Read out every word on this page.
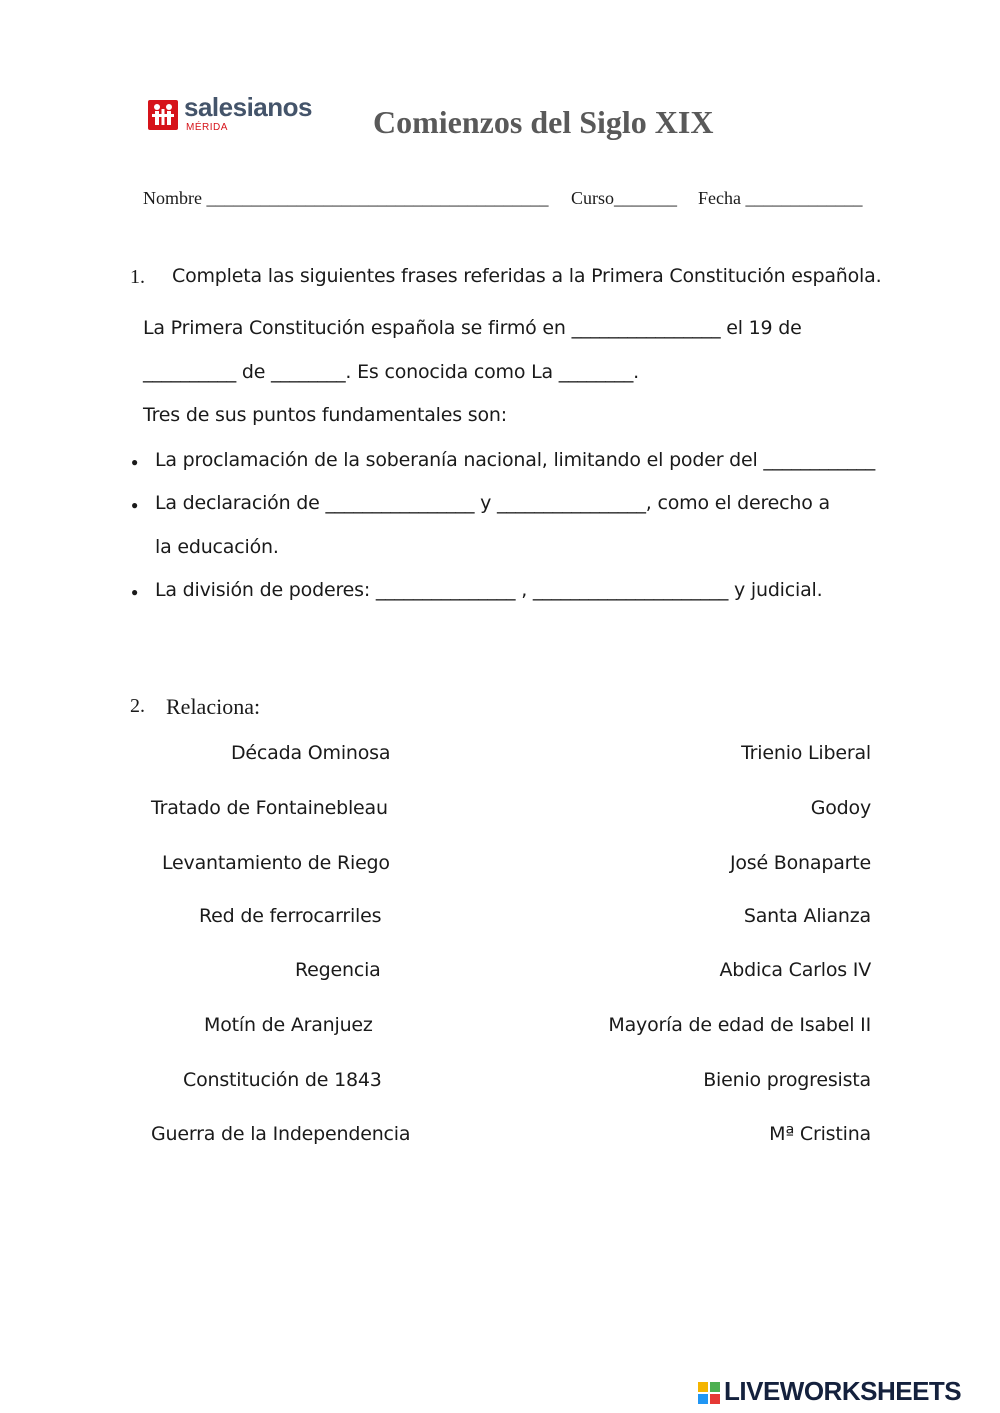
salesianos
MÉRIDA	Comienzos del Siglo XIX
Nombre ______________________________________ Curso_______ Fecha _____________
1. Completa las siguientes frases referidas a la Primera Constitución española.
La Primera Constitución española se firmó en ________________ el 19 de
__________ de ________. Es conocida como La ________.
Tres de sus puntos fundamentales son:
● La proclamación de la soberanía nacional, limitando el poder del ____________
● La declaración de ________________ y ________________, como el derecho a
la educación.
● La división de poderes: _______________ , _____________________ y judicial.
2. Relaciona:
Década Ominosa
Tratado de Fontainebleau
Levantamiento de Riego
Red de ferrocarriles
Regencia
Motín de Aranjuez
Constitución de 1843
Guerra de la Independencia
Trienio Liberal
Godoy
José Bonaparte
Santa Alianza
Abdica Carlos IV
Mayoría de edad de Isabel II
Bienio progresista
Mª Cristina
LIVEWORKSHEETS
